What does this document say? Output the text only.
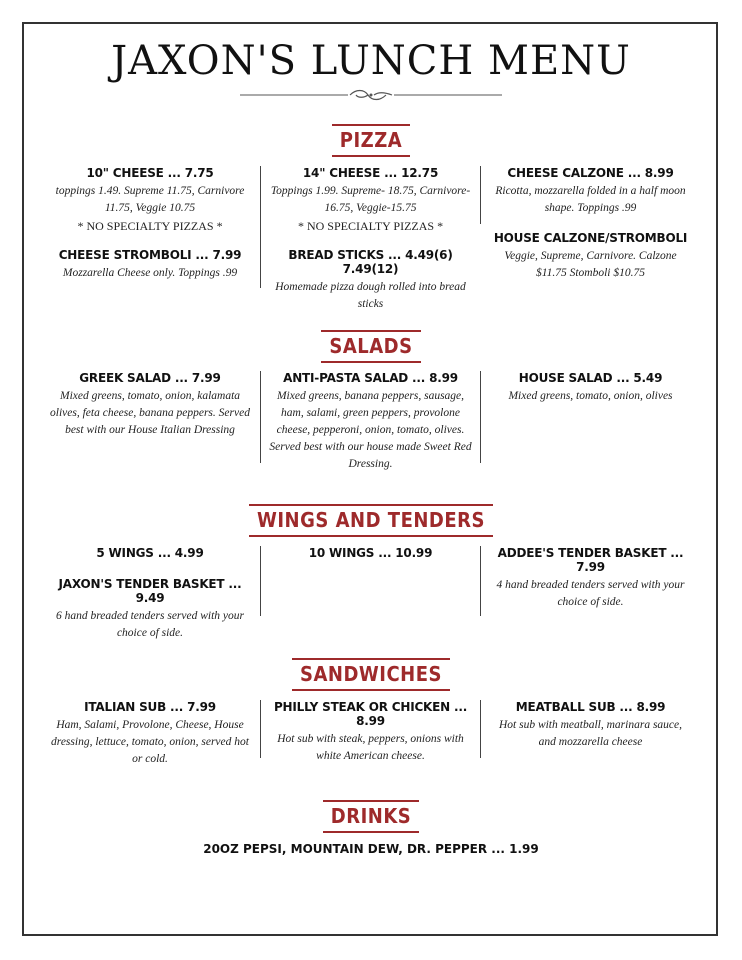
JAXON'S LUNCH MENU
PIZZA
10" CHEESE ... 7.75

toppings 1.49. Supreme 11.75, Carnivore 11.75, Veggie 10.75

* NO SPECIALTY PIZZAS *

CHEESE STROMBOLI ... 7.99

Mozzarella Cheese only. Toppings .99

14" CHEESE ... 12.75

Toppings 1.99. Supreme- 18.75, Carnivore- 16.75, Veggie-15.75

* NO SPECIALTY PIZZAS *

BREAD STICKS ... 4.49(6) 7.49(12)

Homemade pizza dough rolled into bread sticks

CHEESE CALZONE ... 8.99

Ricotta, mozzarella folded in a half moon shape. Toppings .99

HOUSE CALZONE/STROMBOLI

Veggie, Supreme, Carnivore. Calzone $11.75 Stomboli $10.75

SALADS
GREEK SALAD ... 7.99

Mixed greens, tomato, onion, kalamata olives, feta cheese, banana peppers. Served best with our House Italian Dressing

ANTI-PASTA SALAD ... 8.99

Mixed greens, banana peppers, sausage, ham, salami, green peppers, provolone cheese, pepperoni, onion, tomato, olives. Served best with our house made Sweet Red Dressing.

HOUSE SALAD ... 5.49

Mixed greens, tomato, onion, olives

WINGS AND TENDERS
5 WINGS ... 4.99
JAXON'S TENDER BASKET ... 9.49

6 hand breaded tenders served with your choice of side.

10 WINGS ... 10.99	ADDEE'S TENDER BASKET ... 7.99

4 hand breaded tenders served with your choice of side.

SANDWICHES
ITALIAN SUB ... 7.99

Ham, Salami, Provolone, Cheese, House dressing, lettuce, tomato, onion, served hot or cold.

PHILLY STEAK OR CHICKEN ... 8.99

Hot sub with steak, peppers, onions with white American cheese.

MEATBALL SUB ... 8.99

Hot sub with meatball, marinara sauce, and mozzarella cheese

DRINKS
20OZ PEPSI, MOUNTAIN DEW, DR. PEPPER ... 1.99
